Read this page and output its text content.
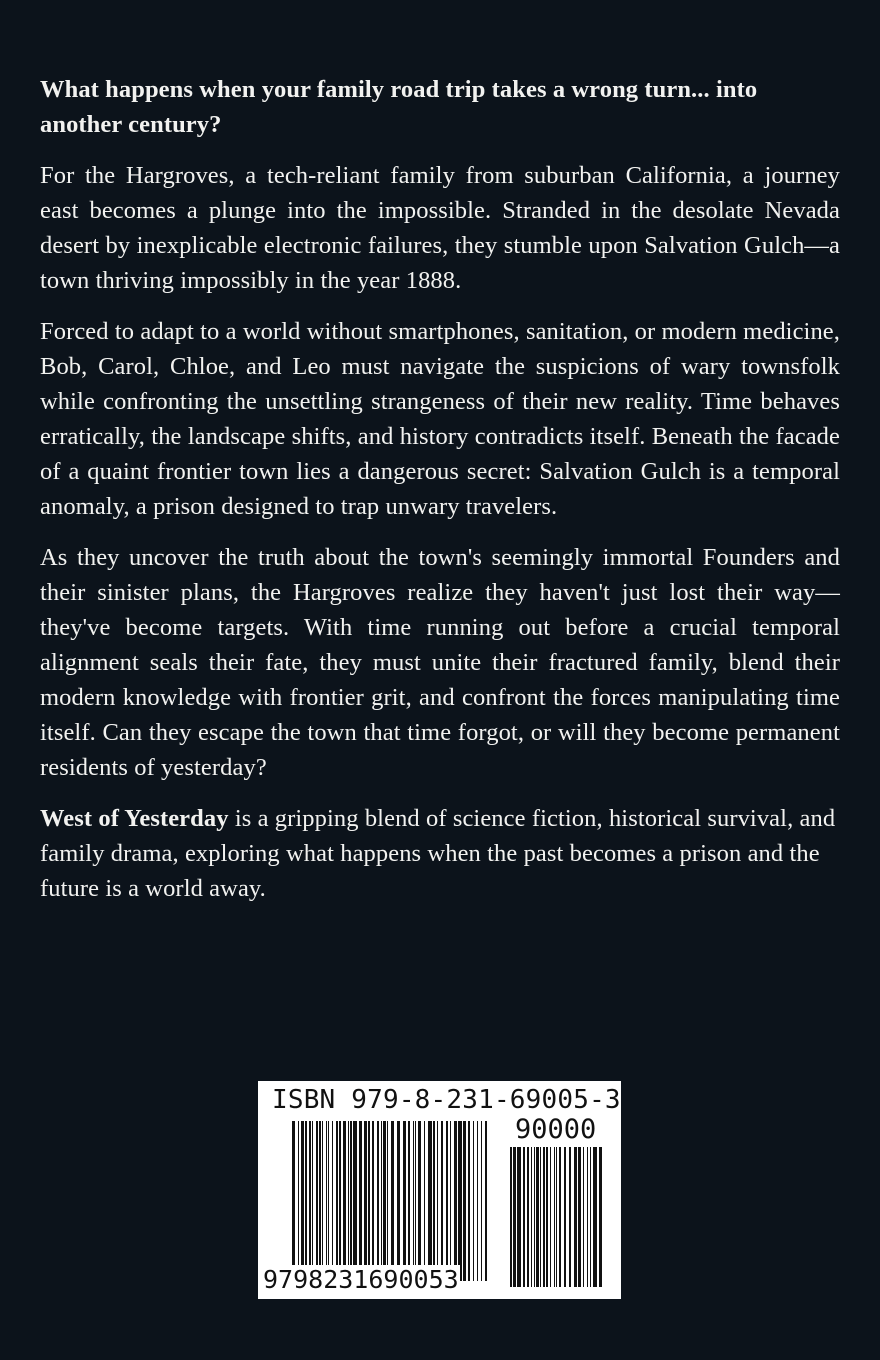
What happens when your family road trip takes a wrong turn... into another century?

For the Hargroves, a tech-reliant family from suburban California, a journey east becomes a plunge into the impossible. Stranded in the desolate Nevada desert by inexplicable electronic failures, they stumble upon Salvation Gulch—a town thriving impossibly in the year 1888.

Forced to adapt to a world without smartphones, sanitation, or modern medicine, Bob, Carol, Chloe, and Leo must navigate the suspicions of wary townsfolk while confronting the unsettling strangeness of their new reality. Time behaves erratically, the landscape shifts, and history contradicts itself. Beneath the facade of a quaint frontier town lies a dangerous secret: Salvation Gulch is a temporal anomaly, a prison designed to trap unwary travelers.

As they uncover the truth about the town's seemingly immortal Founders and their sinister plans, the Hargroves realize they haven't just lost their way—they've become targets. With time running out before a crucial temporal alignment seals their fate, they must unite their fractured family, blend their modern knowledge with frontier grit, and confront the forces manipulating time itself. Can they escape the town that time forgot, or will they become permanent residents of yesterday?

West of Yesterday is a gripping blend of science fiction, historical survival, and family drama, exploring what happens when the past becomes a prison and the future is a world away.

ISBN 979-8-231-69005-3
90000
9798231690053
